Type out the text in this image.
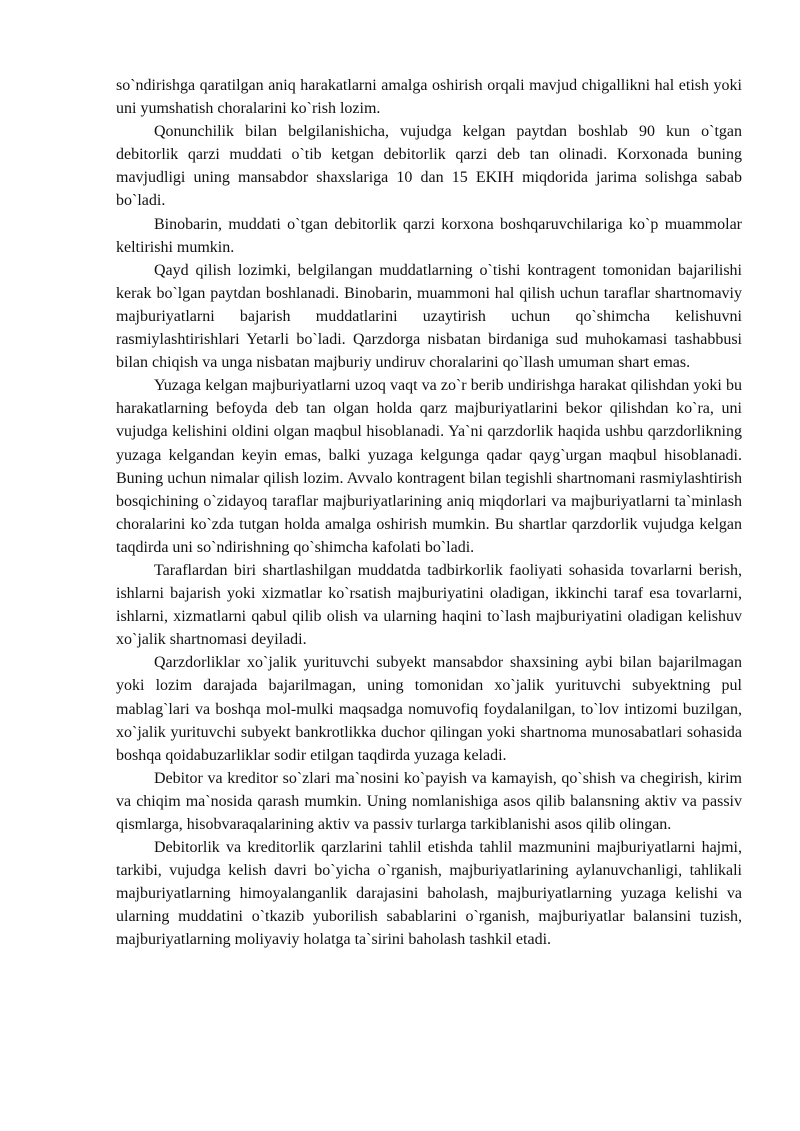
so`ndirishga qaratilgan aniq harakatlarni amalga oshirish orqali mavjud chigallikni hal etish yoki uni yumshatish choralarini ko`rish lozim.

Qonunchilik bilan belgilanishicha, vujudga kelgan paytdan boshlab 90 kun o`tgan debitorlik qarzi muddati o`tib ketgan debitorlik qarzi deb tan olinadi. Korxonada buning mavjudligi uning mansabdor shaxslariga 10 dan 15 EKIH miqdorida jarima solishga sabab bo`ladi.

Binobarin, muddati o`tgan debitorlik qarzi korxona boshqaruvchilariga ko`p muammolar keltirishi mumkin.

Qayd qilish lozimki, belgilangan muddatlarning o`tishi kontragent tomonidan bajarilishi kerak bo`lgan paytdan boshlanadi. Binobarin, muammoni hal qilish uchun taraflar shartnomaviy majburiyatlarni bajarish muddatlarini uzaytirish uchun qo`shimcha kelishuvni rasmiylashtirishlari Yetarli bo`ladi. Qarzdorga nisbatan birdaniga sud muhokamasi tashabbusi bilan chiqish va unga nisbatan majburiy undiruv choralarini qo`llash umuman shart emas.

Yuzaga kelgan majburiyatlarni uzoq vaqt va zo`r berib undirishga harakat qilishdan yoki bu harakatlarning befoyda deb tan olgan holda qarz majburiyatlarini bekor qilishdan ko`ra, uni vujudga kelishini oldini olgan maqbul hisoblanadi. Ya`ni qarzdorlik haqida ushbu qarzdorlikning yuzaga kelgandan keyin emas, balki yuzaga kelgunga qadar qayg`urgan maqbul hisoblanadi. Buning uchun nimalar qilish lozim. Avvalo kontragent bilan tegishli shartnomani rasmiylashtirish bosqichining o`zidayoq taraflar majburiyatlarining aniq miqdorlari va majburiyatlarni ta`minlash choralarini ko`zda tutgan holda amalga oshirish mumkin. Bu shartlar qarzdorlik vujudga kelgan taqdirda uni so`ndirishning qo`shimcha kafolati bo`ladi.

Taraflardan biri shartlashilgan muddatda tadbirkorlik faoliyati sohasida tovarlarni berish, ishlarni bajarish yoki xizmatlar ko`rsatish majburiyatini oladigan, ikkinchi taraf esa tovarlarni, ishlarni, xizmatlarni qabul qilib olish va ularning haqini to`lash majburiyatini oladigan kelishuv xo`jalik shartnomasi deyiladi.

Qarzdorliklar xo`jalik yurituvchi subyekt mansabdor shaxsining aybi bilan bajarilmagan yoki lozim darajada bajarilmagan, uning tomonidan xo`jalik yurituvchi subyektning pul mablag`lari va boshqa mol-mulki maqsadga nomuvofiq foydalanilgan, to`lov intizomi buzilgan, xo`jalik yurituvchi subyekt bankrotlikka duchor qilingan yoki shartnoma munosabatlari sohasida boshqa qoidabuzarliklar sodir etilgan taqdirda yuzaga keladi.

Debitor va kreditor so`zlari ma`nosini ko`payish va kamayish, qo`shish va chegirish, kirim va chiqim ma`nosida qarash mumkin. Uning nomlanishiga asos qilib balansning aktiv va passiv qismlarga, hisobvaraqalarining aktiv va passiv turlarga tarkiblanishi asos qilib olingan.

Debitorlik va kreditorlik qarzlarini tahlil etishda tahlil mazmunini majburiyatlarni hajmi, tarkibi, vujudga kelish davri bo`yicha o`rganish, majburiyatlarining aylanuvchanligi, tahlikali majburiyatlarning himoyalanganlik darajasini baholash, majburiyatlarning yuzaga kelishi va ularning muddatini o`tkazib yuborilish sabablarini o`rganish, majburiyatlar balansini tuzish, majburiyatlarning moliyaviy holatga ta`sirini baholash tashkil etadi.
